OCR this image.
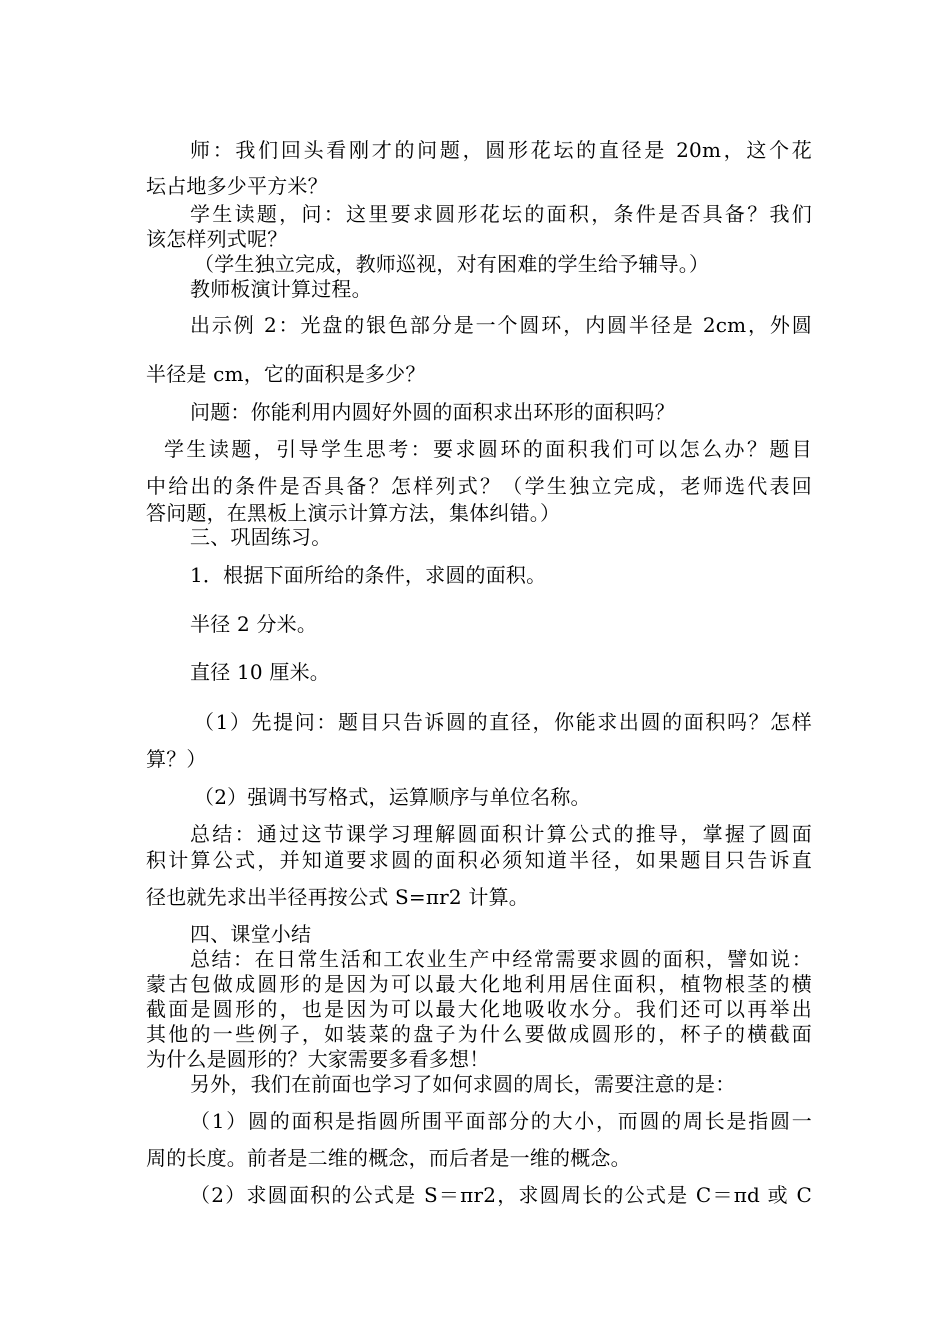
师：我们回头看刚才的问题，圆形花坛的直径是 20m，这个花
坛占地多少平方米？
学生读题，问：这里要求圆形花坛的面积，条件是否具备？我们
该怎样列式呢？
（学生独立完成，教师巡视，对有困难的学生给予辅导。）
教师板演计算过程。
出示例 2：光盘的银色部分是一个圆环，内圆半径是 2cm，外圆
半径是 cm，它的面积是多少？
问题：你能利用内圆好外圆的面积求出环形的面积吗？
学生读题，引导学生思考：要求圆环的面积我们可以怎么办？题目
中给出的条件是否具备？怎样列式？（学生独立完成，老师选代表回
答问题，在黑板上演示计算方法，集体纠错。）
三、巩固练习。
1．根据下面所给的条件，求圆的面积。
半径 2 分米。
直径 10 厘米。
（1）先提问：题目只告诉圆的直径，你能求出圆的面积吗？怎样
算？）
（2）强调书写格式，运算顺序与单位名称。
总结：通过这节课学习理解圆面积计算公式的推导，掌握了圆面
积计算公式，并知道要求圆的面积必须知道半径，如果题目只告诉直
径也就先求出半径再按公式 S=πr2 计算。
四、课堂小结
总结：在日常生活和工农业生产中经常需要求圆的面积，譬如说：
蒙古包做成圆形的是因为可以最大化地利用居住面积，植物根茎的横
截面是圆形的，也是因为可以最大化地吸收水分。我们还可以再举出
其他的一些例子，如装菜的盘子为什么要做成圆形的，杯子的横截面
为什么是圆形的？大家需要多看多想！
另外，我们在前面也学习了如何求圆的周长，需要注意的是：
（1）圆的面积是指圆所围平面部分的大小，而圆的周长是指圆一
周的长度。前者是二维的概念，而后者是一维的概念。
（2）求圆面积的公式是 S＝πr2，求圆周长的公式是 C＝πd 或 C
